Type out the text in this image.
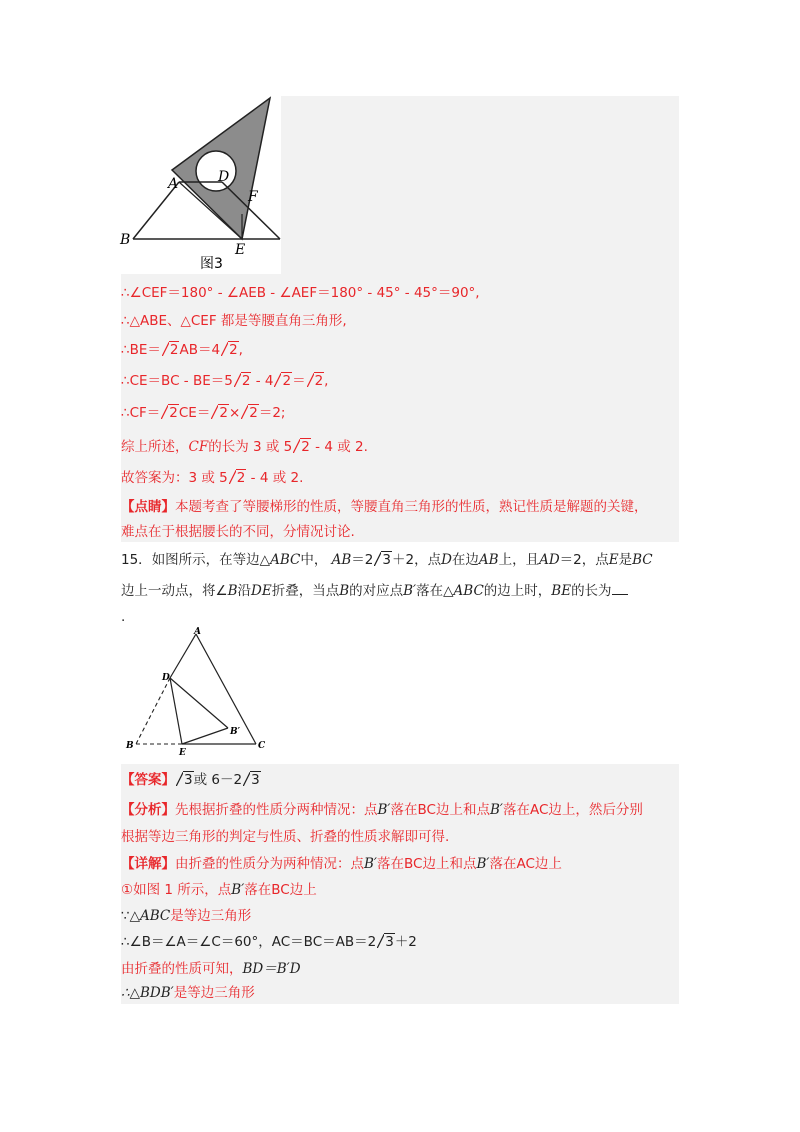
A	D
F
B
E
图3
∴∠CEF＝180° - ∠AEB - ∠AEF＝180° - 45° - 45°＝90°,
∴△ABE、△CEF 都是等腰直角三角形,
∴BE＝ 2AB＝4 2,
∴CE＝BC - BE＝5 2 - 4 2＝ 2,
∴CF＝ 2CE＝ 2× 2＝2;
综上所述，CF的长为 3 或 5 2 - 4 或 2.
故答案为：3 或 5 2 - 4 或 2.
【点睛】本题考查了等腰梯形的性质，等腰直角三角形的性质，熟记性质是解题的关键，
难点在于根据腰长的不同，分情况讨论.
15．如图所示，在等边△ABC中， AB＝2 3＋2，点D在边AB上，且AD＝2，点E是BC
边上一动点，将∠B沿DE折叠，当点B的对应点B′落在△ABC的边上时，BE的长为
.
A
D
B
E
B′
C
【答案】 3或 6－2 3
【分析】先根据折叠的性质分两种情况：点B′落在BC边上和点B′落在AC边上，然后分别
根据等边三角形的判定与性质、折叠的性质求解即可得.
【详解】由折叠的性质分为两种情况：点B′落在BC边上和点B′落在AC边上
①如图 1 所示，点B′落在BC边上
∵△ABC是等边三角形
∴∠B＝∠A＝∠C＝60°，AC＝BC＝AB＝2 3＋2
由折叠的性质可知，BD＝B′D
∴△BDB′是等边三角形
